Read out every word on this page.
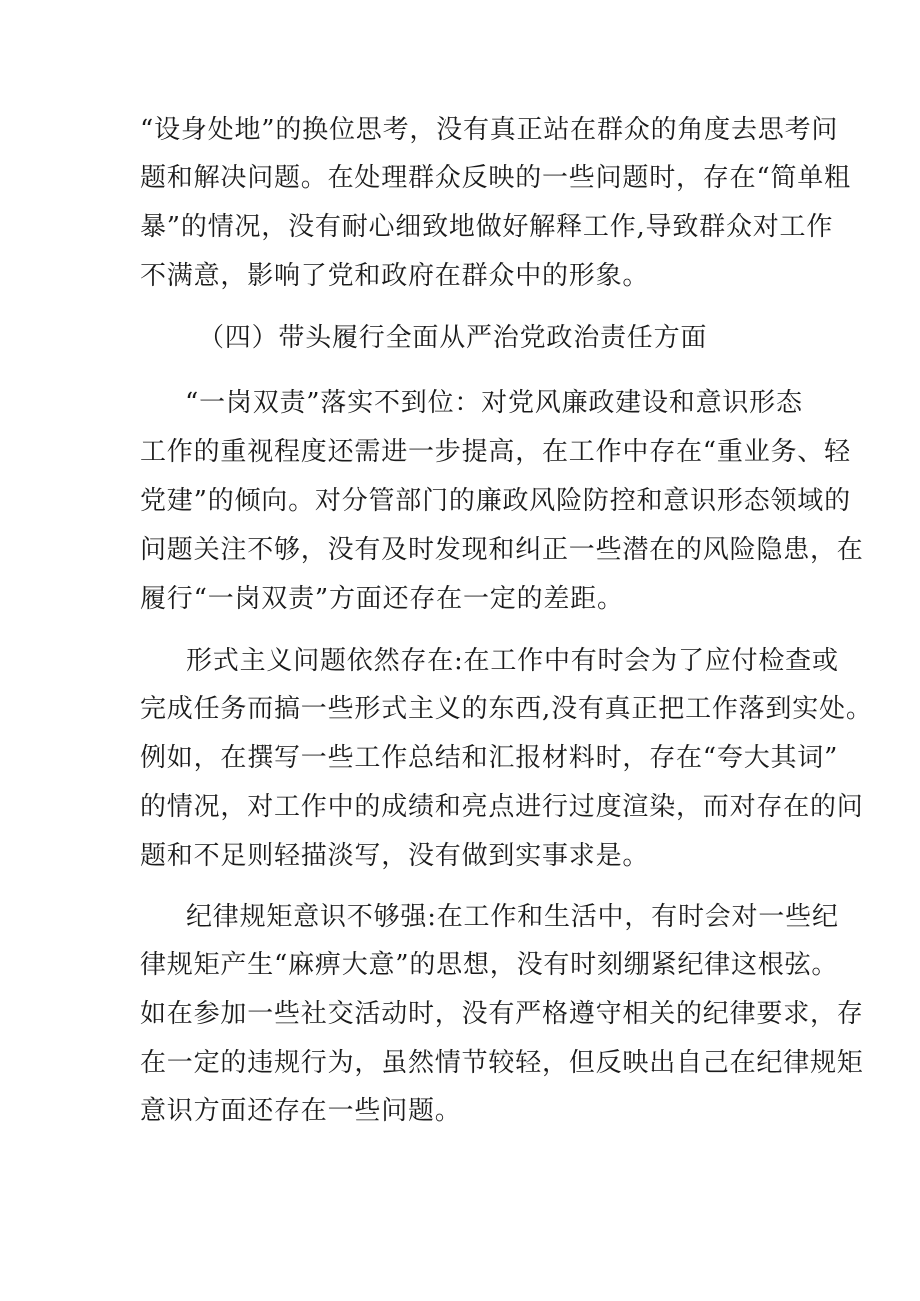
“设身处地”的换位思考，没有真正站在群众的角度去思考问
题和解决问题。在处理群众反映的一些问题时，存在“简单粗
暴”的情况，没有耐心细致地做好解释工作,导致群众对工作
不满意，影响了党和政府在群众中的形象。
（四）带头履行全面从严治党政治责任方面
“一岗双责”落实不到位：对党风廉政建设和意识形态
工作的重视程度还需进一步提高，在工作中存在“重业务、轻
党建”的倾向。对分管部门的廉政风险防控和意识形态领域的
问题关注不够，没有及时发现和纠正一些潜在的风险隐患，在
履行“一岗双责”方面还存在一定的差距。
形式主义问题依然存在:在工作中有时会为了应付检查或
完成任务而搞一些形式主义的东西,没有真正把工作落到实处。
例如，在撰写一些工作总结和汇报材料时，存在“夸大其词”
的情况，对工作中的成绩和亮点进行过度渲染，而对存在的问
题和不足则轻描淡写，没有做到实事求是。
纪律规矩意识不够强:在工作和生活中，有时会对一些纪
律规矩产生“麻痹大意”的思想，没有时刻绷紧纪律这根弦。
如在参加一些社交活动时，没有严格遵守相关的纪律要求，存
在一定的违规行为，虽然情节较轻，但反映出自己在纪律规矩
意识方面还存在一些问题。
